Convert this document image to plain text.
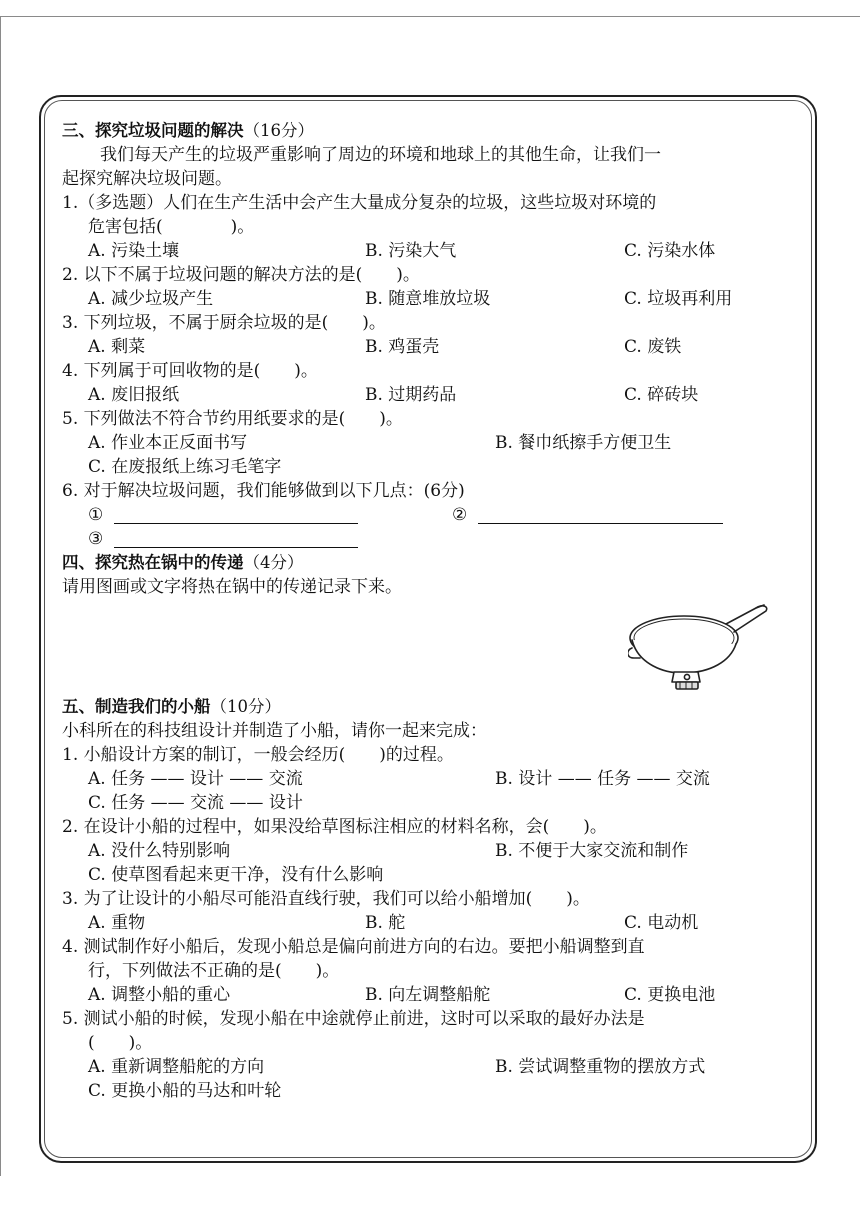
三、探究垃圾问题的解决（16分）
我们每天产生的垃圾严重影响了周边的环境和地球上的其他生命，让我们一
起探究解决垃圾问题。
1.（多选题）人们在生产生活中会产生大量成分复杂的垃圾，这些垃圾对环境的
危害包括(　　　　)。
A. 污染土壤	B. 污染大气	C. 污染水体
2. 以下不属于垃圾问题的解决方法的是(　　)。
A. 减少垃圾产生	B. 随意堆放垃圾	C. 垃圾再利用
3. 下列垃圾，不属于厨余垃圾的是(　　)。
A. 剩菜	B. 鸡蛋壳	C. 废铁
4. 下列属于可回收物的是(　　)。
A. 废旧报纸	B. 过期药品	C. 碎砖块
5. 下列做法不符合节约用纸要求的是(　　)。
A. 作业本正反面书写	B. 餐巾纸擦手方便卫生
C. 在废报纸上练习毛笔字
6. 对于解决垃圾问题，我们能够做到以下几点：(6分)
①	②
③
四、探究热在锅中的传递（4分）
请用图画或文字将热在锅中的传递记录下来。
五、制造我们的小船（10分）
小科所在的科技组设计并制造了小船，请你一起来完成：
1. 小船设计方案的制订，一般会经历(　　)的过程。
A. 任务 —— 设计 —— 交流	B. 设计 —— 任务 —— 交流
C. 任务 —— 交流 —— 设计
2. 在设计小船的过程中，如果没给草图标注相应的材料名称，会(　　)。
A. 没什么特别影响	B. 不便于大家交流和制作
C. 使草图看起来更干净，没有什么影响
3. 为了让设计的小船尽可能沿直线行驶，我们可以给小船增加(　　)。
A. 重物	B. 舵	C. 电动机
4. 测试制作好小船后，发现小船总是偏向前进方向的右边。要把小船调整到直
行，下列做法不正确的是(　　)。
A. 调整小船的重心	B. 向左调整船舵	C. 更换电池
5. 测试小船的时候，发现小船在中途就停止前进，这时可以采取的最好办法是
(　　)。
A. 重新调整船舵的方向	B. 尝试调整重物的摆放方式
C. 更换小船的马达和叶轮
